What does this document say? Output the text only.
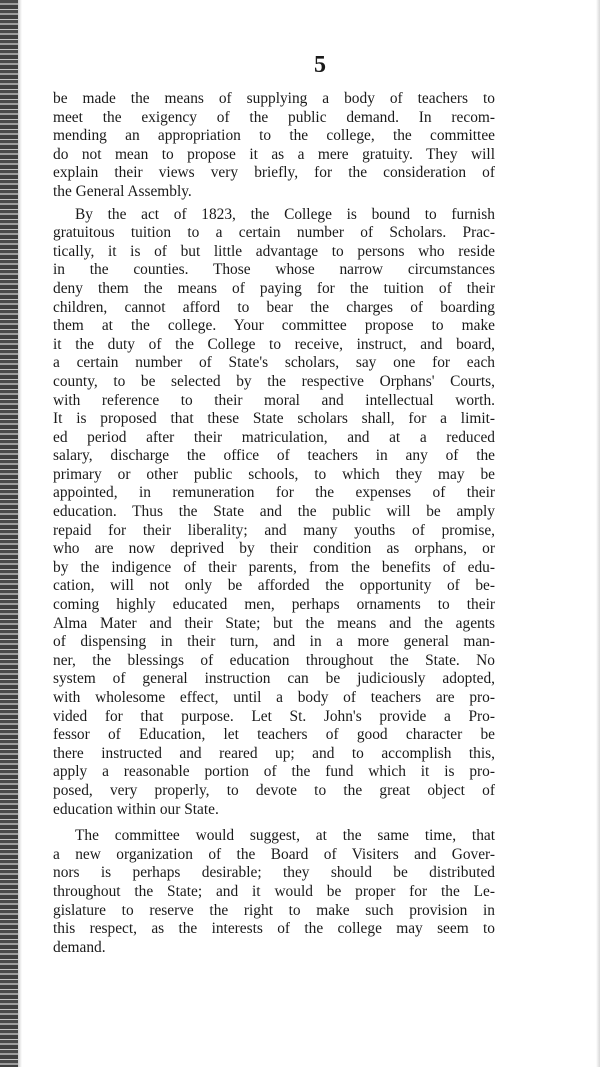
5
be made the means of supplying a body of teachers to
meet the exigency of the public demand. In recom-
mending an appropriation to the college, the committee
do not mean to propose it as a mere gratuity. They will
explain their views very briefly, for the consideration of
the General Assembly.
By the act of 1823, the College is bound to furnish
gratuitous tuition to a certain number of Scholars. Prac-
tically, it is of but little advantage to persons who reside
in the counties. Those whose narrow circumstances
deny them the means of paying for the tuition of their
children, cannot afford to bear the charges of boarding
them at the college. Your committee propose to make
it the duty of the College to receive, instruct, and board,
a certain number of State's scholars, say one for each
county, to be selected by the respective Orphans' Courts,
with reference to their moral and intellectual worth.
It is proposed that these State scholars shall, for a limit-
ed period after their matriculation, and at a reduced
salary, discharge the office of teachers in any of the
primary or other public schools, to which they may be
appointed, in remuneration for the expenses of their
education. Thus the State and the public will be amply
repaid for their liberality; and many youths of promise,
who are now deprived by their condition as orphans, or
by the indigence of their parents, from the benefits of edu-
cation, will not only be afforded the opportunity of be-
coming highly educated men, perhaps ornaments to their
Alma Mater and their State; but the means and the agents
of dispensing in their turn, and in a more general man-
ner, the blessings of education throughout the State. No
system of general instruction can be judiciously adopted,
with wholesome effect, until a body of teachers are pro-
vided for that purpose. Let St. John's provide a Pro-
fessor of Education, let teachers of good character be
there instructed and reared up; and to accomplish this,
apply a reasonable portion of the fund which it is pro-
posed, very properly, to devote to the great object of
education within our State.
The committee would suggest, at the same time, that
a new organization of the Board of Visiters and Gover-
nors is perhaps desirable; they should be distributed
throughout the State; and it would be proper for the Le-
gislature to reserve the right to make such provision in
this respect, as the interests of the college may seem to
demand.
